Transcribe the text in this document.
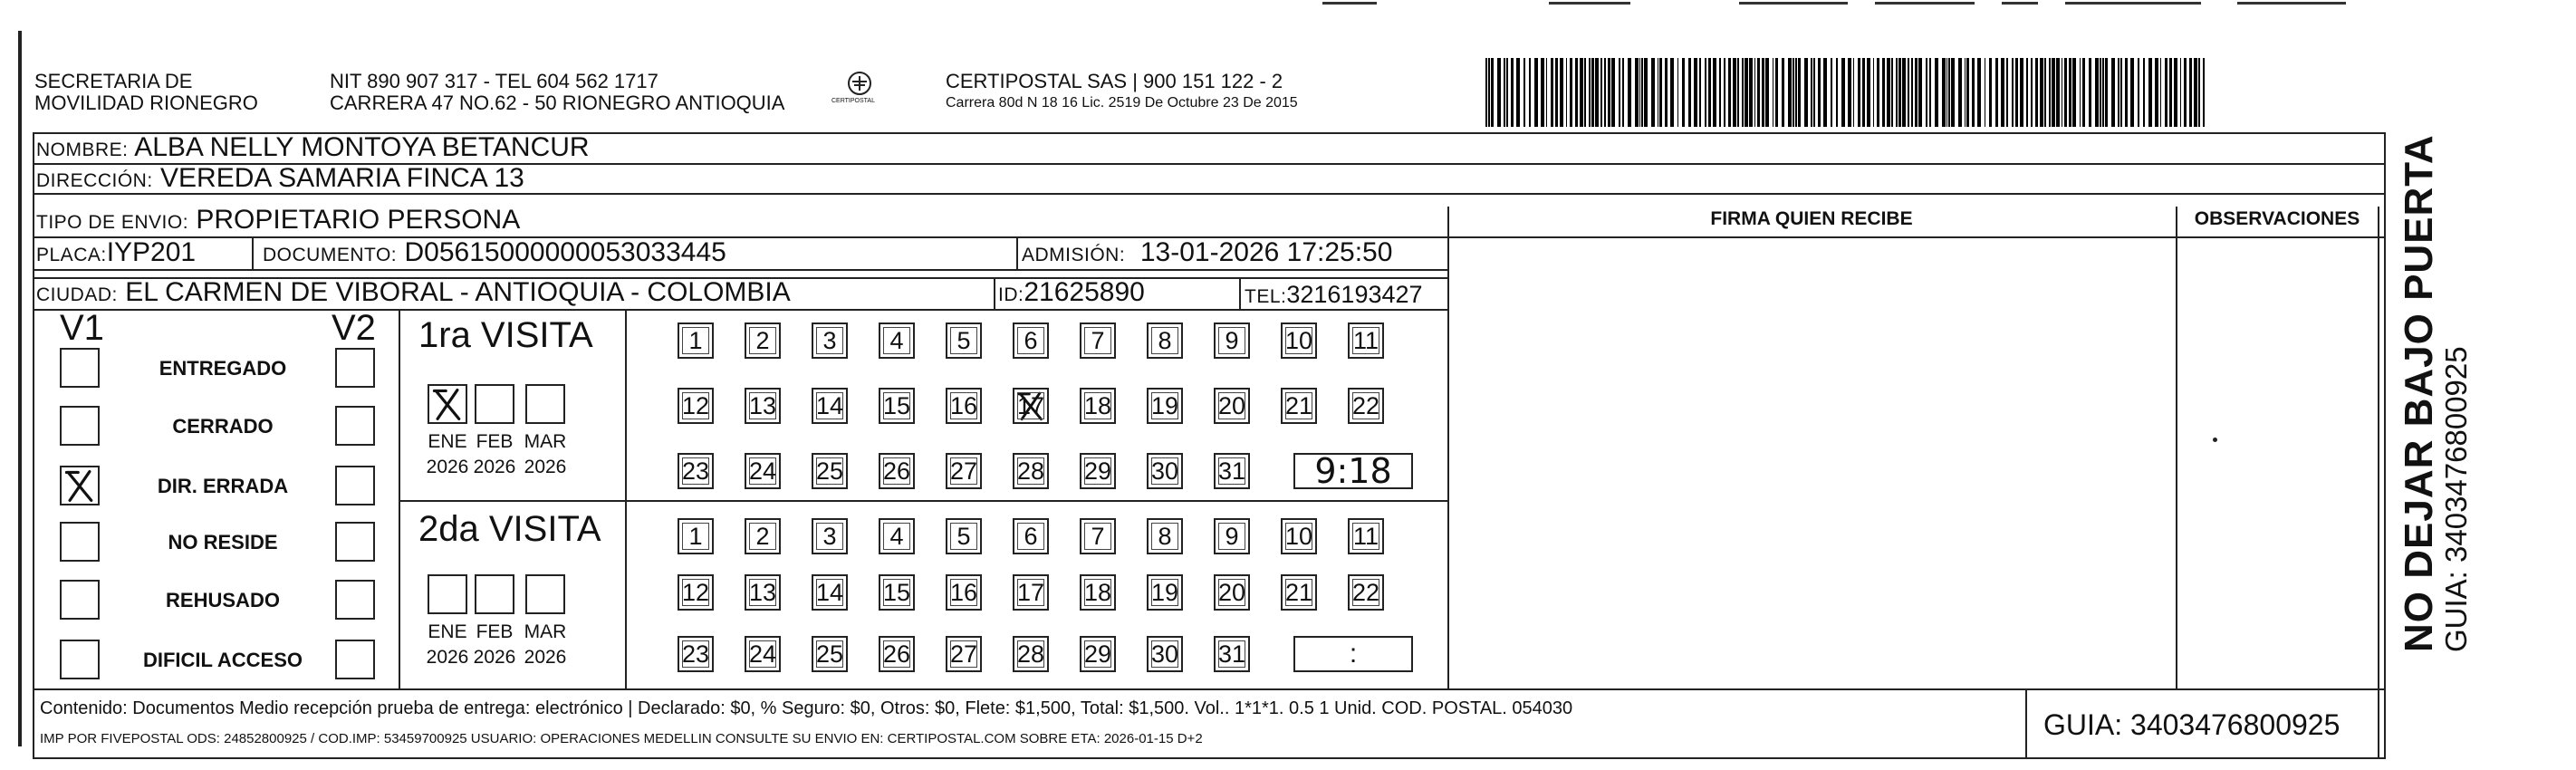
SECRETARIA DE
MOVILIDAD RIONEGRO
NIT 890 907 317 - TEL 604 562 1717
CARRERA 47 NO.62 - 50 RIONEGRO ANTIOQUIA	CERTIPOSTAL
CERTIPOSTAL SAS | 900 151 122 - 2
Carrera 80d N 18 16 Lic. 2519 De Octubre 23 De 2015
NOMBRE: ALBA NELLY MONTOYA BETANCUR
DIRECCIÓN: VEREDA SAMARIA FINCA 13
TIPO DE ENVIO: PROPIETARIO PERSONA	FIRMA QUIEN RECIBE	OBSERVACIONES
PLACA:IYP201	DOCUMENTO: D05615000000053033445	ADMISIÓN: 13-01-2026 17:25:50
CIUDAD: EL CARMEN DE VIBORAL - ANTIOQUIA - COLOMBIA	ID:21625890	TEL:3216193427
V1	V2
ENTREGADO
CERRADO
DIR. ERRADA
NO RESIDE
REHUSADO
DIFICIL ACCESO
1ra VISITA
2da VISITA
ENE
2026
FEB
2026
MAR
2026
ENE
2026
FEB
2026
MAR
2026
1	2	3	4	5	6	7	8	9	10 11
12 13 14 15 16 17 18 19 20 21 22
23 24 25 26 27 28 29 30 31
1	2	3	4	5	6	7	8	9	10 11
12 13 14 15 16 17 18 19 20 21 22
23 24 25 26 27 28 29 30 31
9:18
:
Contenido: Documentos Medio recepción prueba de entrega: electrónico | Declarado: $0, % Seguro: $0, Otros: $0, Flete: $1,500, Total: $1,500. Vol.. 1*1*1. 0.5 1 Unid. COD. POSTAL. 054030
IMP POR FIVEPOSTAL ODS: 24852800925 / COD.IMP: 53459700925 USUARIO: OPERACIONES MEDELLIN CONSULTE SU ENVIO EN: CERTIPOSTAL.COM SOBRE ETA: 2026-01-15 D+2	GUIA: 3403476800925
NO DEJAR BAJO PUERTA
GUIA: 3403476800925
